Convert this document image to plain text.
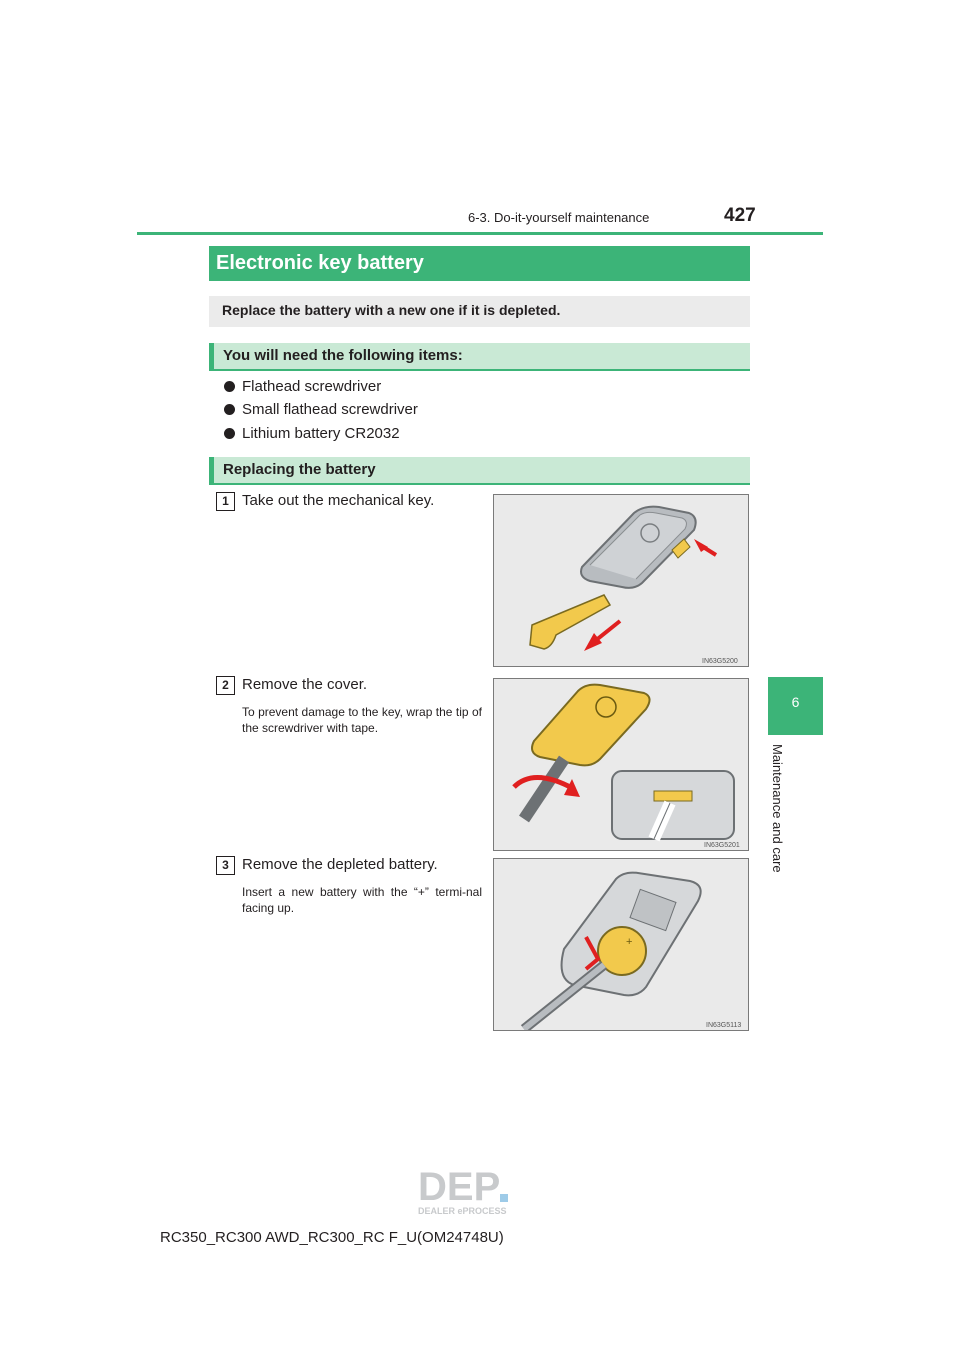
6-3. Do-it-yourself maintenance	427
6
Maintenance and care
Electronic key battery
Replace the battery with a new one if it is depleted.
You will need the following items:
Flathead screwdriver
Small flathead screwdriver
Lithium battery CR2032
Replacing the battery
1 Take out the mechanical key.
IN63G5200
2 Remove the cover.
To prevent damage to the key, wrap the tip of the screwdriver with tape.
IN63G5201
3 Remove the depleted battery.
Insert a new battery with the “+” termi-nal facing up.
+
IN63G5113
DEP
DEALER ePROCESS
RC350_RC300 AWD_RC300_RC F_U(OM24748U)
